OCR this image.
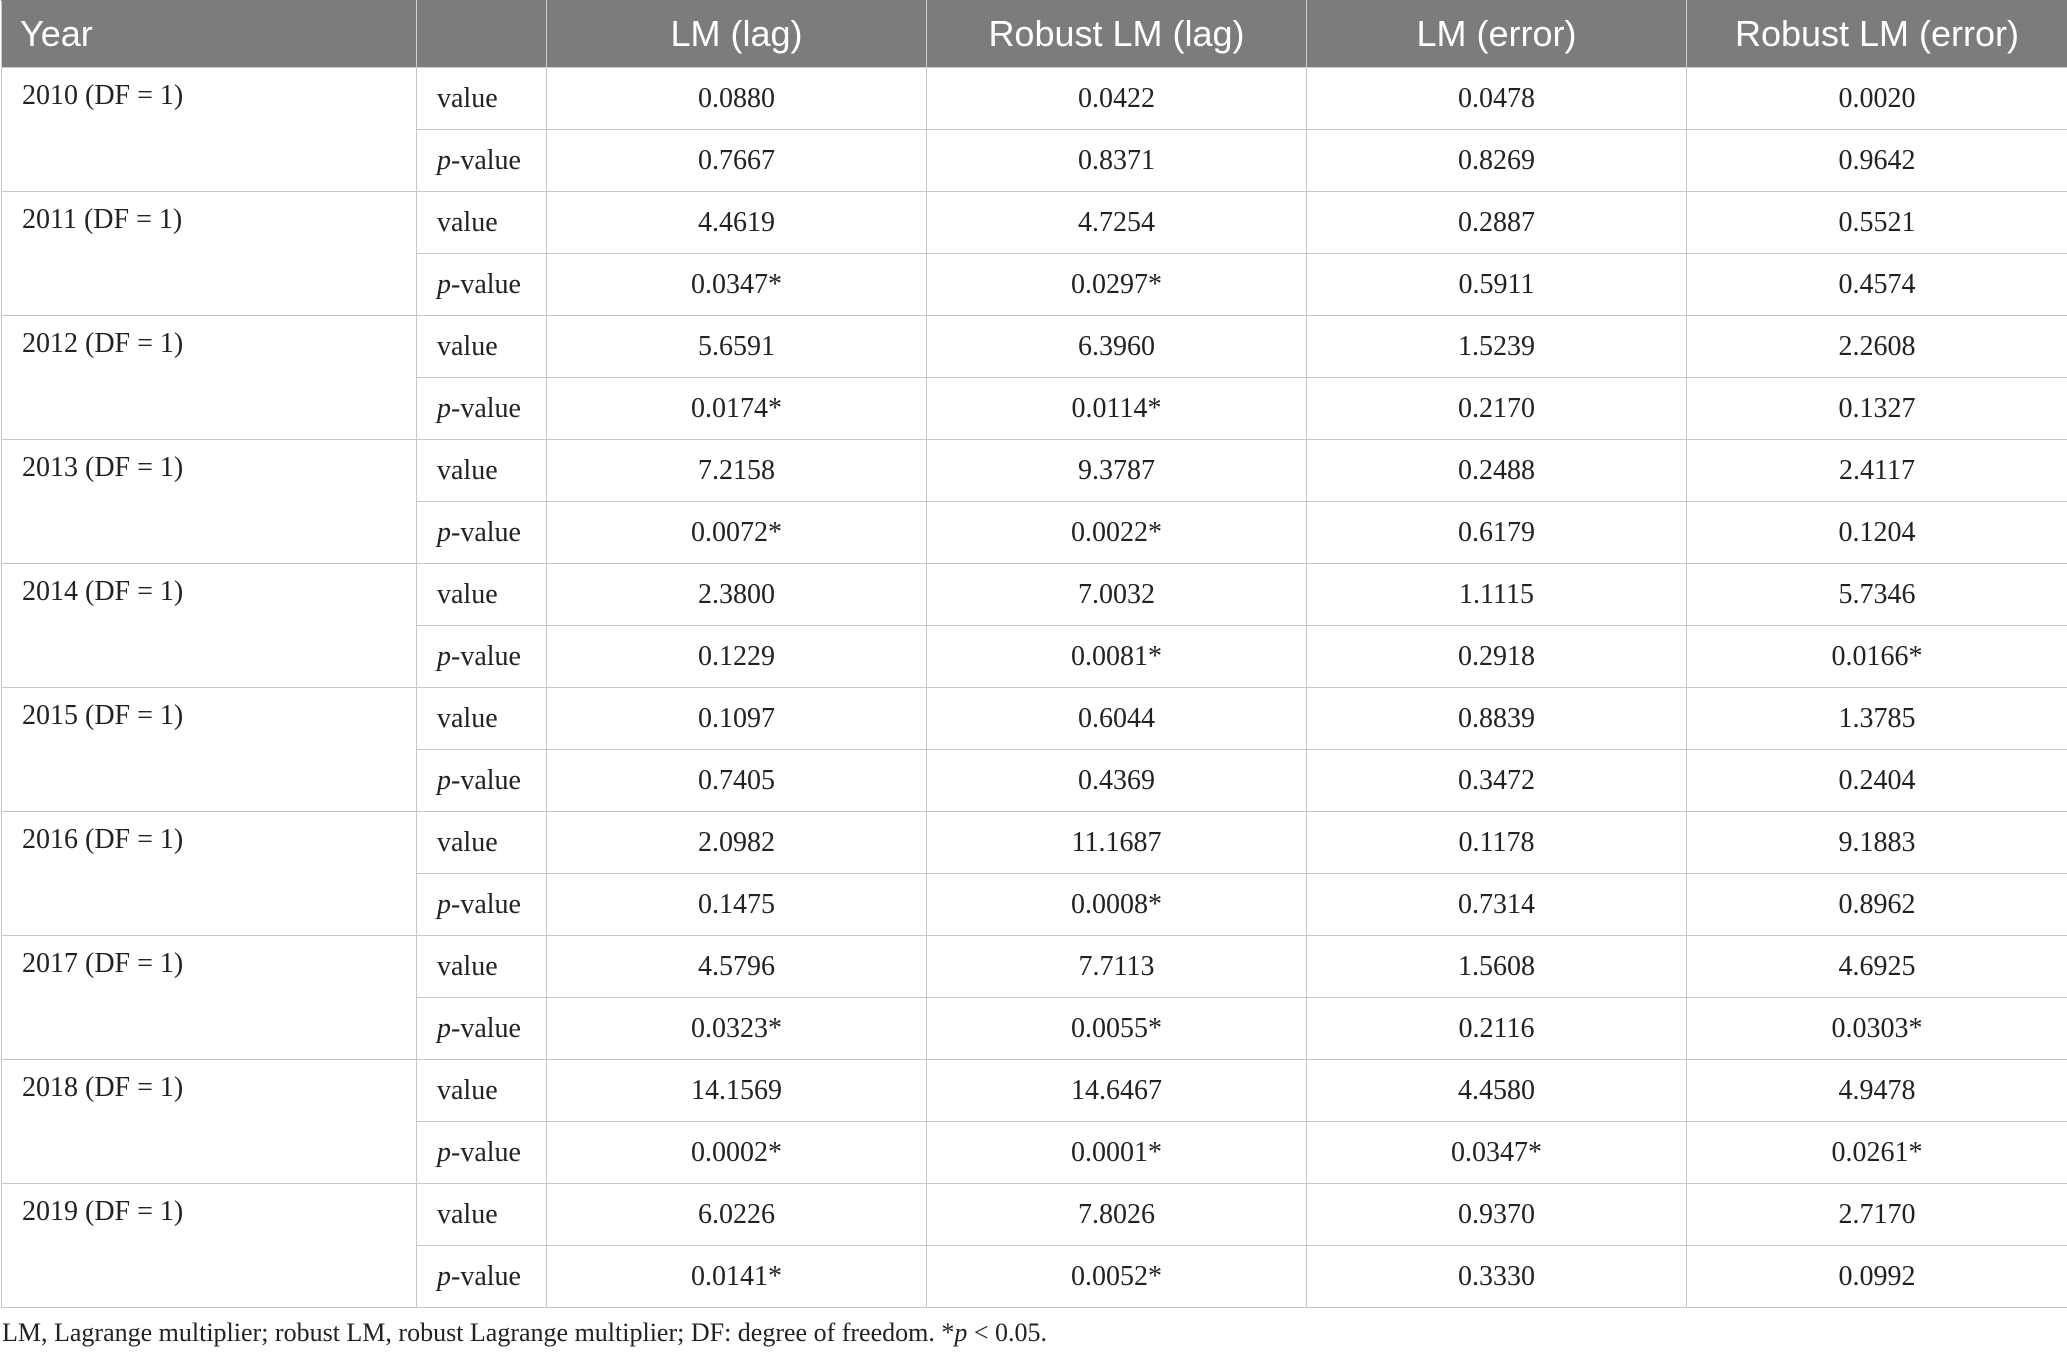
Year		LM (lag)	Robust LM (lag)	LM (error)	Robust LM (error)
2010 (DF = 1)	value	0.0880	0.0422	0.0478	0.0020
	p-value	0.7667	0.8371	0.8269	0.9642
2011 (DF = 1)	value	4.4619	4.7254	0.2887	0.5521
	p-value	0.0347*	0.0297*	0.5911	0.4574
2012 (DF = 1)	value	5.6591	6.3960	1.5239	2.2608
	p-value	0.0174*	0.0114*	0.2170	0.1327
2013 (DF = 1)	value	7.2158	9.3787	0.2488	2.4117
	p-value	0.0072*	0.0022*	0.6179	0.1204
2014 (DF = 1)	value	2.3800	7.0032	1.1115	5.7346
	p-value	0.1229	0.0081*	0.2918	0.0166*
2015 (DF = 1)	value	0.1097	0.6044	0.8839	1.3785
	p-value	0.7405	0.4369	0.3472	0.2404
2016 (DF = 1)	value	2.0982	11.1687	0.1178	9.1883
	p-value	0.1475	0.0008*	0.7314	0.8962
2017 (DF = 1)	value	4.5796	7.7113	1.5608	4.6925
	p-value	0.0323*	0.0055*	0.2116	0.0303*
2018 (DF = 1)	value	14.1569	14.6467	4.4580	4.9478
	p-value	0.0002*	0.0001*	0.0347*	0.0261*
2019 (DF = 1)	value	6.0226	7.8026	0.9370	2.7170
	p-value	0.0141*	0.0052*	0.3330	0.0992
LM, Lagrange multiplier; robust LM, robust Lagrange multiplier; DF: degree of freedom. *p < 0.05.
